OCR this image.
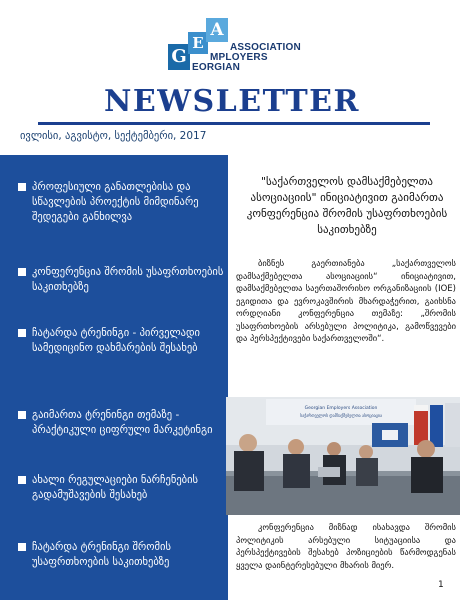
G
E
A
ASSOCIATION
MPLOYERS
EORGIAN
NEWSLETTER
ივლისი, აგვისტო, სექტემბერი, 2017
პროფესიული განათლებისა და სწავლების პროექტის მიმდინარე შედეგები განხილვა
კონფერენცია შრომის უსაფრთხოების საკითხებზე
ჩატარდა ტრენინგი - პირველადი სამედიცინო დახმარების შესახებ
გაიმართა ტრენინგი თემაზე - პრაქტიკული ციფრული მარკეტინგი
ახალი რეგულაციები ნარჩენების გადამუშავების შესახებ
ჩატარდა ტრენინგი შრომის უსაფრთხოების საკითხებზე
"საქართველოს დამსაქმებელთა ასოციაციის" ინიციატივით გაიმართა კონფერენცია შრომის უსაფრთხოების საკითხებზე
ბიზნეს გაერთიანება „საქართველოს დამსაქმებელთა ასოციაციის“ ინიციატივით, დამსაქმებელთა საერთაშორისო ორგანიზაციის (IOE) ეგიდითა და ევროკავშირის მხარდაჭერით, გაიხსნა ორდღიანი კონფერენცია თემაზე: „შრომის უსაფრთხოების არსებული პოლიტიკა, გამოწვევები და პერსპექტივები საქართველოში“.
Georgian Employers Association
საქართველოს დამსაქმებელთა ასოციაცია
კონფერენცია მიზნად ისახავდა შრომის პოლიტიკის არსებული სიტუაციისა და პერსპექტივების შესახებ პოზიციების წარმოდგენას ყველა დაინტერესებული მხარის მიერ.
1
